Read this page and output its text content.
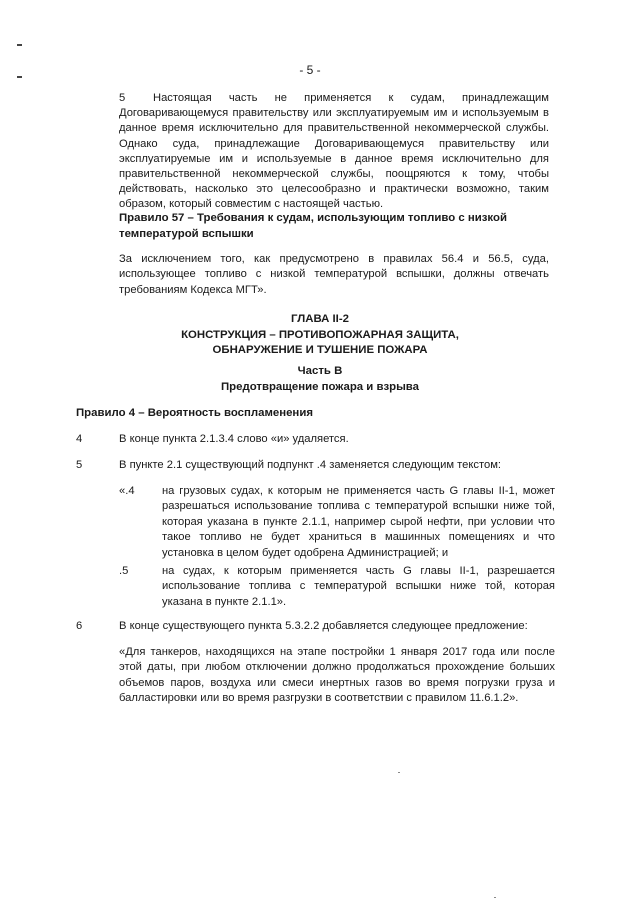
- 5 -
5 Настоящая часть не применяется к судам, принадлежащим Договаривающемуся правительству или эксплуатируемым им и используемым в данное время исключительно для правительственной некоммерческой службы. Однако суда, принадлежащие Договаривающемуся правительству или эксплуатируемые им и используемые в данное время исключительно для правительственной некоммерческой службы, поощряются к тому, чтобы действовать, насколько это целесообразно и практически возможно, таким образом, который совместим с настоящей частью.
Правило 57 – Требования к судам, использующим топливо с низкой температурой вспышки
За исключением того, как предусмотрено в правилах 56.4 и 56.5, суда, использующее топливо с низкой температурой вспышки, должны отвечать требованиям Кодекса МГТ».
ГЛАВА II-2
КОНСТРУКЦИЯ – ПРОТИВОПОЖАРНАЯ ЗАЩИТА,
ОБНАРУЖЕНИЕ И ТУШЕНИЕ ПОЖАРА
Часть В
Предотвращение пожара и взрыва
Правило 4 – Вероятность воспламенения
4	В конце пункта 2.1.3.4 слово «и» удаляется.
5	В пункте 2.1 существующий подпункт .4 заменяется следующим текстом:
«.4 на грузовых судах, к которым не применяется часть G главы II-1, может разрешаться использование топлива с температурой вспышки ниже той, которая указана в пункте 2.1.1, например сырой нефти, при условии что такое топливо не будет храниться в машинных помещениях и что установка в целом будет одобрена Администрацией; и
.5	на судах, к которым применяется часть G главы II-1, разрешается использование топлива с температурой вспышки ниже той, которая указана в пункте 2.1.1».
6	В конце существующего пункта 5.3.2.2 добавляется следующее предложение:
«Для танкеров, находящихся на этапе постройки 1 января 2017 года или после этой даты, при любом отключении должно продолжаться прохождение больших объемов паров, воздуха или смеси инертных газов во время погрузки груза и балластировки или во время разгрузки в соответствии с правилом 11.6.1.2».
